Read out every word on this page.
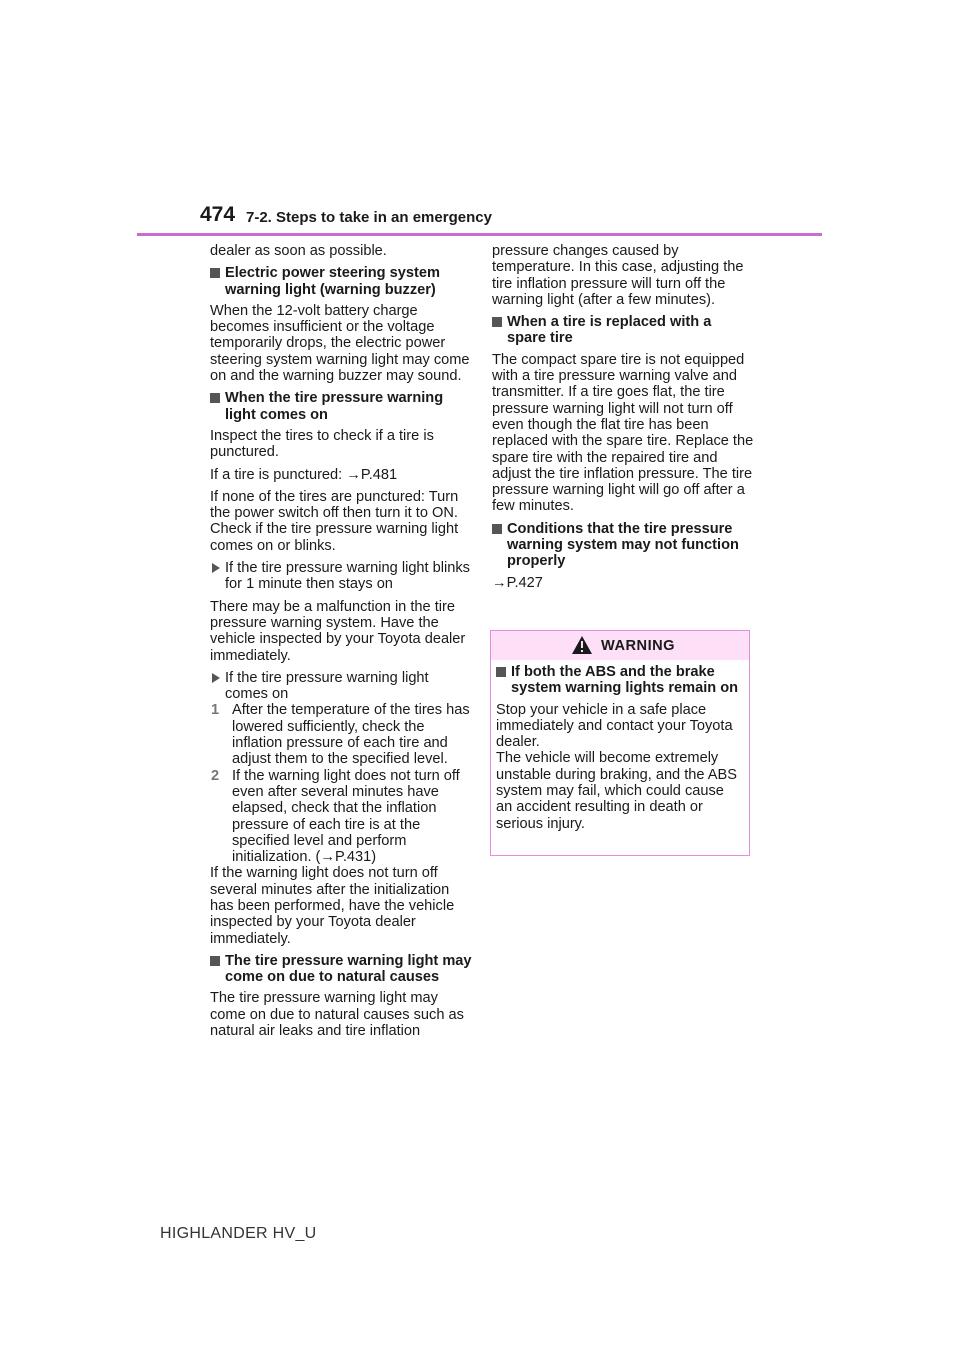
474 7-2. Steps to take in an emergency

dealer as soon as possible.

Electric power steering system warning light (warning buzzer)

When the 12-volt battery charge becomes insufficient or the voltage temporarily drops, the electric power steering system warning light may come on and the warning buzzer may sound.

When the tire pressure warning light comes on

Inspect the tires to check if a tire is punctured.

If a tire is punctured: →P.481

If none of the tires are punctured: Turn the power switch off then turn it to ON. Check if the tire pressure warning light comes on or blinks.

If the tire pressure warning light blinks for 1 minute then stays on

There may be a malfunction in the tire pressure warning system. Have the vehicle inspected by your Toyota dealer immediately.

If the tire pressure warning light comes on
1 After the temperature of the tires has lowered sufficiently, check the inflation pressure of each tire and adjust them to the specified level.
2 If the warning light does not turn off even after several minutes have elapsed, check that the inflation pressure of each tire is at the specified level and perform initialization. (→P.431)

If the warning light does not turn off several minutes after the initialization has been performed, have the vehicle inspected by your Toyota dealer immediately.

The tire pressure warning light may come on due to natural causes

The tire pressure warning light may come on due to natural causes such as natural air leaks and tire inflation

pressure changes caused by temperature. In this case, adjusting the tire inflation pressure will turn off the warning light (after a few minutes).

When a tire is replaced with a spare tire

The compact spare tire is not equipped with a tire pressure warning valve and transmitter. If a tire goes flat, the tire pressure warning light will not turn off even though the flat tire has been replaced with the spare tire. Replace the spare tire with the repaired tire and adjust the tire inflation pressure. The tire pressure warning light will go off after a few minutes.

Conditions that the tire pressure warning system may not function properly

→P.427

WARNING
If both the ABS and the brake system warning lights remain on

Stop your vehicle in a safe place immediately and contact your Toyota dealer.

The vehicle will become extremely unstable during braking, and the ABS system may fail, which could cause an accident resulting in death or serious injury.

HIGHLANDER HV_U
